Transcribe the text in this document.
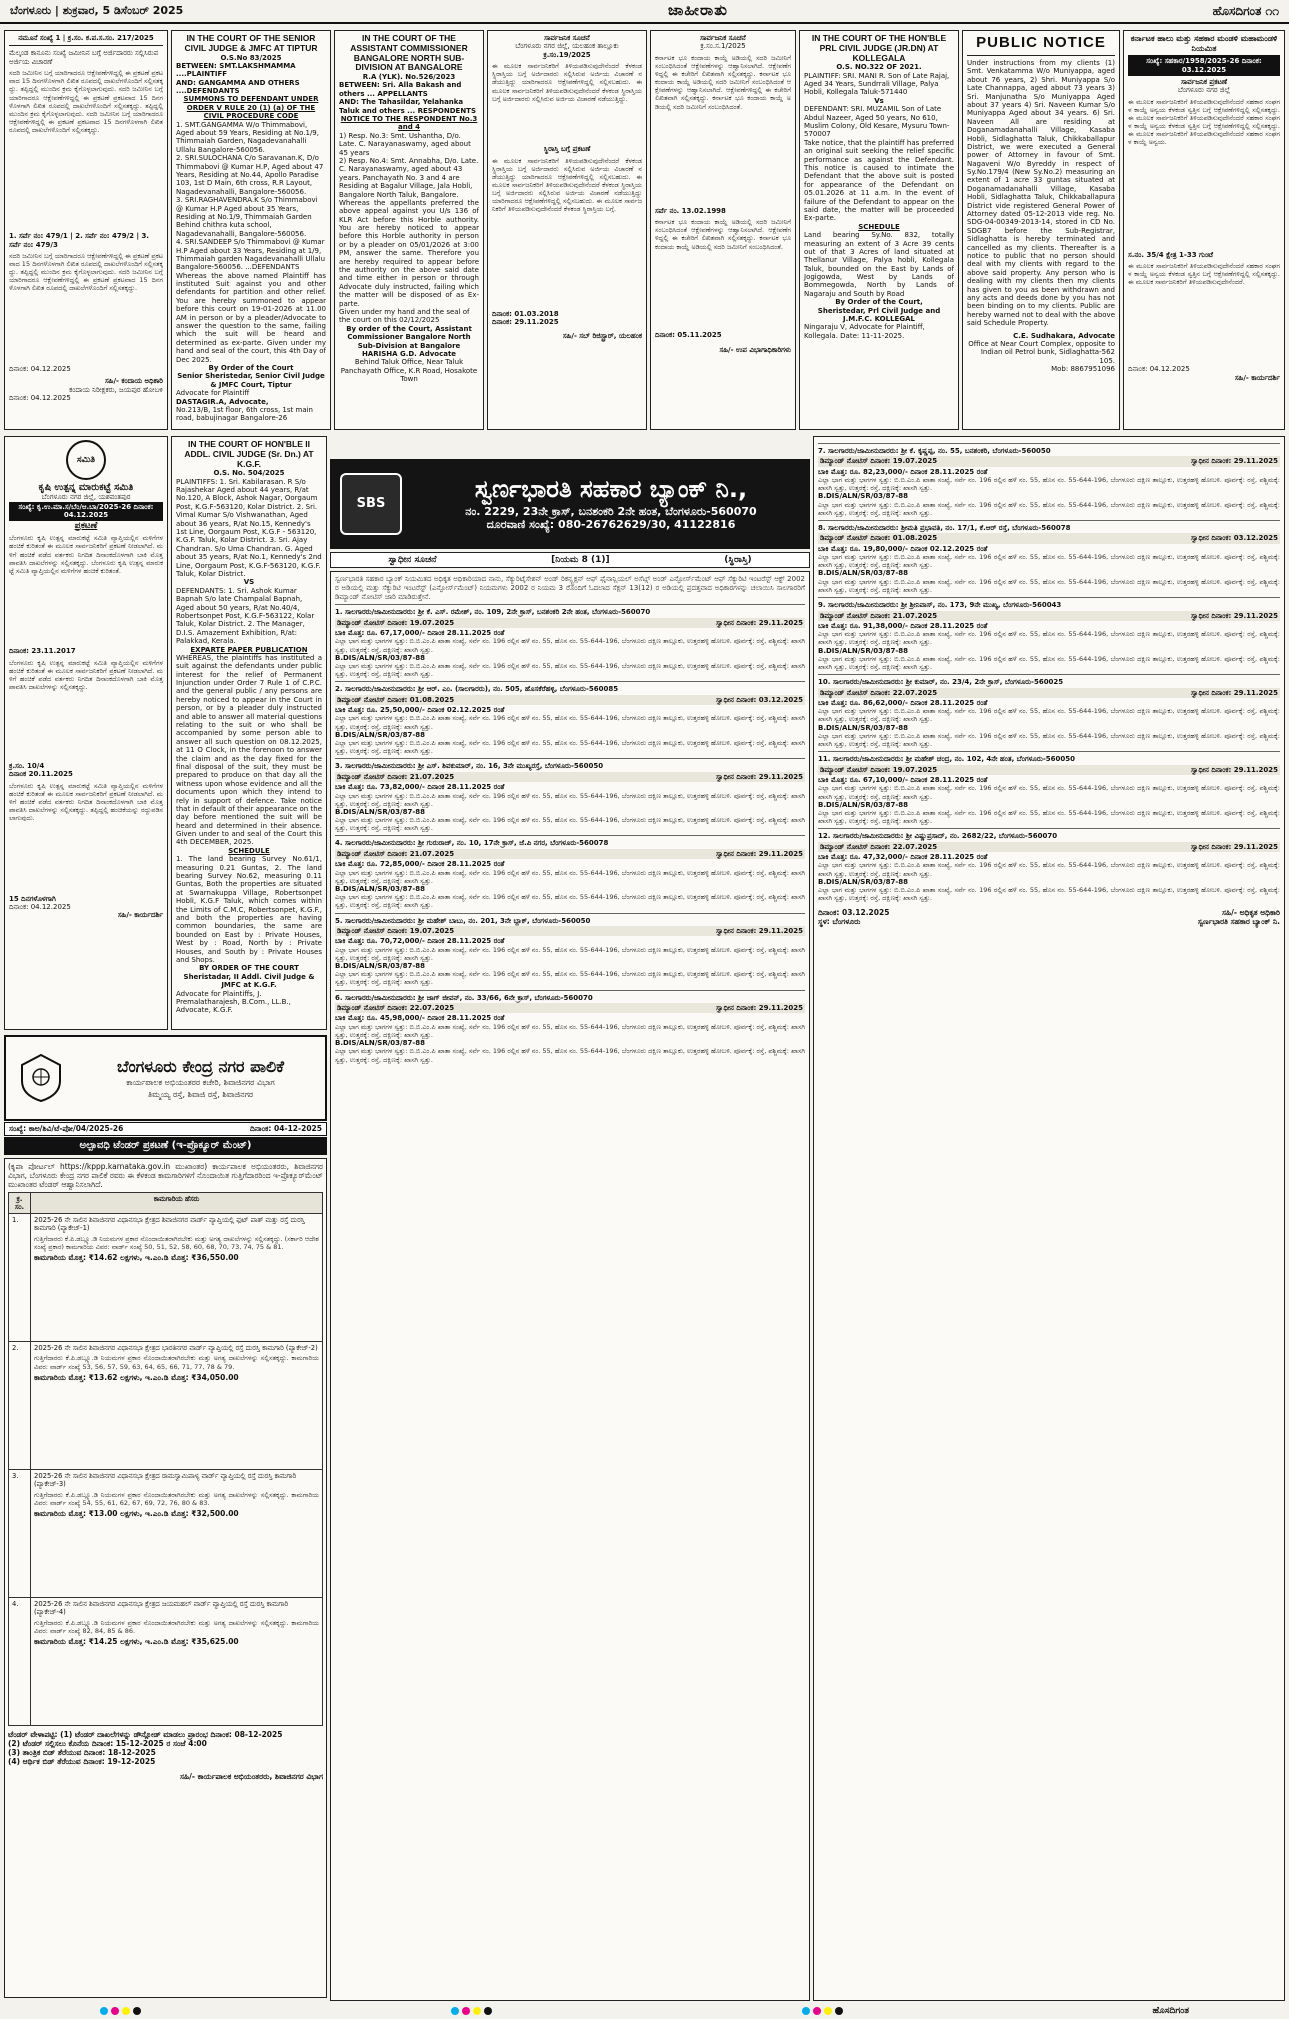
ಬೆಂಗಳೂರು | ಶುಕ್ರವಾರ, 5 ಡಿಸೆಂಬರ್ 2025	ಜಾಹೀರಾತು	ಹೊಸದಿಗಂತ ೧೧
ನಮೂನೆ ಸಂಖ್ಯೆ 1 | ಕ್ರ.ಸಂ. ಕ.ಪ.ಸ.ಸಂ. 217/2025
ಮೆಲ್ಕಂಡ ಕಾನೂನು ಸಂಖ್ಯೆ ಜಮೀನಿನ ಬಗ್ಗೆ ಅರ್ಜಿದಾರರು ಸಲ್ಲಿಸಿರುವ ಅರ್ಜಿಯ ವಿಚಾರಣೆ
ಸದರಿ ಜಮೀನಿನ ಬಗ್ಗೆ ಯಾರಿಗಾದರೂ ಆಕ್ಷೇಪಣೆಗಳಿದ್ದಲ್ಲಿ ಈ ಪ್ರಕಟಣೆ ಪ್ರಕಟವಾದ 15 ದಿನಗಳೊಳಗಾಗಿ ಲಿಖಿತ ರೂಪದಲ್ಲಿ ದಾಖಲೆಗಳೊಂದಿಗೆ ಸಲ್ಲಿಸತಕ್ಕದ್ದು. ತಪ್ಪಿದ್ದಲ್ಲಿ ಮುಂದಿನ ಕ್ರಮ ಕೈಗೊಳ್ಳಲಾಗುವುದು. ಸದರಿ ಜಮೀನಿನ ಬಗ್ಗೆ ಯಾರಿಗಾದರೂ ಆಕ್ಷೇಪಣೆಗಳಿದ್ದಲ್ಲಿ ಈ ಪ್ರಕಟಣೆ ಪ್ರಕಟವಾದ 15 ದಿನಗಳೊಳಗಾಗಿ ಲಿಖಿತ ರೂಪದಲ್ಲಿ ದಾಖಲೆಗಳೊಂದಿಗೆ ಸಲ್ಲಿಸತಕ್ಕದ್ದು. ತಪ್ಪಿದ್ದಲ್ಲಿ ಮುಂದಿನ ಕ್ರಮ ಕೈಗೊಳ್ಳಲಾಗುವುದು. ಸದರಿ ಜಮೀನಿನ ಬಗ್ಗೆ ಯಾರಿಗಾದರೂ ಆಕ್ಷೇಪಣೆಗಳಿದ್ದಲ್ಲಿ ಈ ಪ್ರಕಟಣೆ ಪ್ರಕಟವಾದ 15 ದಿನಗಳೊಳಗಾಗಿ ಲಿಖಿತ ರೂಪದಲ್ಲಿ ದಾಖಲೆಗಳೊಂದಿಗೆ ಸಲ್ಲಿಸತಕ್ಕದ್ದು.
1. ಸರ್ವೆ ನಂ: 479/1 | 2. ಸರ್ವೆ ನಂ: 479/2 | 3. ಸರ್ವೆ ನಂ: 479/3
ಸದರಿ ಜಮೀನಿನ ಬಗ್ಗೆ ಯಾರಿಗಾದರೂ ಆಕ್ಷೇಪಣೆಗಳಿದ್ದಲ್ಲಿ ಈ ಪ್ರಕಟಣೆ ಪ್ರಕಟವಾದ 15 ದಿನಗಳೊಳಗಾಗಿ ಲಿಖಿತ ರೂಪದಲ್ಲಿ ದಾಖಲೆಗಳೊಂದಿಗೆ ಸಲ್ಲಿಸತಕ್ಕದ್ದು. ತಪ್ಪಿದ್ದಲ್ಲಿ ಮುಂದಿನ ಕ್ರಮ ಕೈಗೊಳ್ಳಲಾಗುವುದು. ಸದರಿ ಜಮೀನಿನ ಬಗ್ಗೆ ಯಾರಿಗಾದರೂ ಆಕ್ಷೇಪಣೆಗಳಿದ್ದಲ್ಲಿ ಈ ಪ್ರಕಟಣೆ ಪ್ರಕಟವಾದ 15 ದಿನಗಳೊಳಗಾಗಿ ಲಿಖಿತ ರೂಪದಲ್ಲಿ ದಾಖಲೆಗಳೊಂದಿಗೆ ಸಲ್ಲಿಸತಕ್ಕದ್ದು.
ದಿನಾಂಕ: 04.12.2025
ಸಹಿ/- ಕಂದಾಯ ಅಧಿಕಾರಿ
ಕಂದಾಯ ನಿರೀಕ್ಷಕರು, ಜಯಪುರ ಹೋಬಳಿ
ದಿನಾಂಕ: 04.12.2025
IN THE COURT OF THE SENIOR CIVIL JUDGE & JMFC AT TIPTUR
O.S.No 83/2025
BETWEEN: SMT.LAKSHMAMMA ....PLAINTIFF
AND: GANGAMMA AND OTHERS ....DEFENDANTS
SUMMONS TO DEFENDANT UNDER ORDER V RULE 20 (1) (a) OF THE CIVIL PROCEDURE CODE
1. SMT.GANGAMMA W/o Thimmabovi, Aged about 59 Years, Residing at No.1/9, Thimmaiah Garden, Nagadevanahalli Ullalu Bangalore-560056.
2. SRI.SULOCHANA C/o Saravanan.K, D/o Thimmabovi @ Kumar H.P, Aged about 47 Years, Residing at No.44, Apollo Paradise 103, 1st D Main, 6th cross, R.R Layout, Nagadevanahalli, Bangalore-560056.
3. SRI.RAGHAVENDRA.K S/o Thimmabovi @ Kumar H.P Aged about 35 Years, Residing at No.1/9, Thimmaiah Garden Behind chithra kuta school, Nagadevanahalli, Bangalore-560056.
4. SRI.SANDEEP S/o Thimmabovi @ Kumar H.P Aged about 33 Years, Residing at 1/9, Thimmaiah garden Nagadevanahalli Ullalu Bangalore-560056. ...DEFENDANTS
Whereas the above named Plaintiff has instituted Suit against you and other defendants for partition and other relief. You are hereby summoned to appear before this court on 19-01-2026 at 11.00 AM in person or by a pleader/Advocate to answer the question to the same, failing which the suit will be heard and determined as ex-parte. Given under my hand and seal of the court, this 4th Day of Dec 2025.
By Order of the Court
Senior Sheristedar, Senior Civil Judge & JMFC Court, Tiptur
Advocate for Plaintiff
DASTAGIR.A, Advocate,
No.213/B, 1st floor, 6th cross, 1st main road, babujinagar Bangalore-26
IN THE COURT OF THE ASSISTANT COMMISSIONER BANGALORE NORTH SUB-DIVISION AT BANGALORE
R.A (YLK). No.526/2023
BETWEEN: Sri. Alla Bakash and others ... APPELLANTS
AND: The Tahasildar, Yelahanka Taluk and others ... RESPONDENTS
NOTICE TO THE RESPONDENT No.3 and 4
1) Resp. No.3: Smt. Ushantha, D/o. Late. C. Narayanaswamy, aged about 45 years
2) Resp. No.4: Smt. Annabha, D/o. Late. C. Narayanaswamy, aged about 43 years. Panchayath No. 3 and 4 are Residing at Bagalur Village, Jala Hobli, Bangalore North Taluk, Bangalore.
Whereas the appellants preferred the above appeal against you U/s 136 of KLR Act before this Horble authority. You are hereby noticed to appear before this Horble authority in person or by a pleader on 05/01/2026 at 3:00 PM, answer the same. Therefore you are hereby required to appear before the authority on the above said date and time either in person or through Advocate duly instructed, failing which the matter will be disposed of as Ex-parte.
Given under my hand and the seal of the court on this 02/12/2025
By order of the Court, Assistant Commissioner Bangalore North Sub-Division at Bangalore
HARISHA G.D. Advocate
Behind Taluk Office, Near Taluk Panchayath Office, K.R Road, Hosakote Town
ಸಾರ್ವಜನಿಕ ಸೂಚನೆ
ಬೆಂಗಳೂರು ನಗರ ಜಿಲ್ಲೆ, ಯಲಹಂಕ ತಾಲ್ಲೂಕು
ಕ್ರ.ಸಂ.19/2025
ಈ ಮೂಲಕ ಸಾರ್ವಜನಿಕರಿಗೆ ತಿಳಿಯಪಡಿಸುವುದೇನೆಂದರೆ ಕೆಳಕಂಡ ಸ್ಥಿರಾಸ್ತಿಯ ಬಗ್ಗೆ ಅರ್ಜಿದಾರರು ಸಲ್ಲಿಸಿರುವ ಅರ್ಜಿಯ ವಿಚಾರಣೆ ನಡೆಯುತ್ತಿದ್ದು ಯಾರಿಗಾದರೂ ಆಕ್ಷೇಪಣೆಗಳಿದ್ದಲ್ಲಿ ಸಲ್ಲಿಸಬಹುದು. ಈ ಮೂಲಕ ಸಾರ್ವಜನಿಕರಿಗೆ ತಿಳಿಯಪಡಿಸುವುದೇನೆಂದರೆ ಕೆಳಕಂಡ ಸ್ಥಿರಾಸ್ತಿಯ ಬಗ್ಗೆ ಅರ್ಜಿದಾರರು ಸಲ್ಲಿಸಿರುವ ಅರ್ಜಿಯ ವಿಚಾರಣೆ ನಡೆಯುತ್ತಿದ್ದು.
ಸ್ಥಿರಾಸ್ತಿ ಬಗ್ಗೆ ಪ್ರಕಟಣೆ
ಈ ಮೂಲಕ ಸಾರ್ವಜನಿಕರಿಗೆ ತಿಳಿಯಪಡಿಸುವುದೇನೆಂದರೆ ಕೆಳಕಂಡ ಸ್ಥಿರಾಸ್ತಿಯ ಬಗ್ಗೆ ಅರ್ಜಿದಾರರು ಸಲ್ಲಿಸಿರುವ ಅರ್ಜಿಯ ವಿಚಾರಣೆ ನಡೆಯುತ್ತಿದ್ದು ಯಾರಿಗಾದರೂ ಆಕ್ಷೇಪಣೆಗಳಿದ್ದಲ್ಲಿ ಸಲ್ಲಿಸಬಹುದು. ಈ ಮೂಲಕ ಸಾರ್ವಜನಿಕರಿಗೆ ತಿಳಿಯಪಡಿಸುವುದೇನೆಂದರೆ ಕೆಳಕಂಡ ಸ್ಥಿರಾಸ್ತಿಯ ಬಗ್ಗೆ ಅರ್ಜಿದಾರರು ಸಲ್ಲಿಸಿರುವ ಅರ್ಜಿಯ ವಿಚಾರಣೆ ನಡೆಯುತ್ತಿದ್ದು ಯಾರಿಗಾದರೂ ಆಕ್ಷೇಪಣೆಗಳಿದ್ದಲ್ಲಿ ಸಲ್ಲಿಸಬಹುದು. ಈ ಮೂಲಕ ಸಾರ್ವಜನಿಕರಿಗೆ ತಿಳಿಯಪಡಿಸುವುದೇನೆಂದರೆ ಕೆಳಕಂಡ ಸ್ಥಿರಾಸ್ತಿಯ ಬಗ್ಗೆ.
ದಿನಾಂಕ: 01.03.2018
ದಿನಾಂಕ: 29.11.2025
ಸಹಿ/- ಸಬ್ ರಿಜಿಸ್ಟ್ರಾರ್, ಯಲಹಂಕ
ಸಾರ್ವಜನಿಕ ಸೂಚನೆ
ಕ್ರ.ಸಂ.ಸ.1/2025
ಕರ್ನಾಟಕ ಭೂ ಕಂದಾಯ ಕಾಯ್ದೆ ಅಡಿಯಲ್ಲಿ ಸದರಿ ಜಮೀನಿಗೆ ಸಂಬಂಧಿಸಿದಂತೆ ಆಕ್ಷೇಪಣೆಗಳನ್ನು ಆಹ್ವಾನಿಸಲಾಗಿದೆ. ಆಕ್ಷೇಪಣೆಗಳಿದ್ದಲ್ಲಿ ಈ ಕಚೇರಿಗೆ ಲಿಖಿತವಾಗಿ ಸಲ್ಲಿಸತಕ್ಕದ್ದು. ಕರ್ನಾಟಕ ಭೂ ಕಂದಾಯ ಕಾಯ್ದೆ ಅಡಿಯಲ್ಲಿ ಸದರಿ ಜಮೀನಿಗೆ ಸಂಬಂಧಿಸಿದಂತೆ ಆಕ್ಷೇಪಣೆಗಳನ್ನು ಆಹ್ವಾನಿಸಲಾಗಿದೆ. ಆಕ್ಷೇಪಣೆಗಳಿದ್ದಲ್ಲಿ ಈ ಕಚೇರಿಗೆ ಲಿಖಿತವಾಗಿ ಸಲ್ಲಿಸತಕ್ಕದ್ದು. ಕರ್ನಾಟಕ ಭೂ ಕಂದಾಯ ಕಾಯ್ದೆ ಅಡಿಯಲ್ಲಿ ಸದರಿ ಜಮೀನಿಗೆ ಸಂಬಂಧಿಸಿದಂತೆ.
ಸರ್ವೆ ನಂ. 13.02.1998
ಕರ್ನಾಟಕ ಭೂ ಕಂದಾಯ ಕಾಯ್ದೆ ಅಡಿಯಲ್ಲಿ ಸದರಿ ಜಮೀನಿಗೆ ಸಂಬಂಧಿಸಿದಂತೆ ಆಕ್ಷೇಪಣೆಗಳನ್ನು ಆಹ್ವಾನಿಸಲಾಗಿದೆ. ಆಕ್ಷೇಪಣೆಗಳಿದ್ದಲ್ಲಿ ಈ ಕಚೇರಿಗೆ ಲಿಖಿತವಾಗಿ ಸಲ್ಲಿಸತಕ್ಕದ್ದು. ಕರ್ನಾಟಕ ಭೂ ಕಂದಾಯ ಕಾಯ್ದೆ ಅಡಿಯಲ್ಲಿ ಸದರಿ ಜಮೀನಿಗೆ ಸಂಬಂಧಿಸಿದಂತೆ.
ದಿನಾಂಕ: 05.11.2025
ಸಹಿ/- ಉಪ ವಿಭಾಗಾಧಿಕಾರಿಗಳು
IN THE COURT OF THE HON'BLE PRL CIVIL JUDGE (JR.DN) AT KOLLEGALA
O.S. NO.322 OF 2021.
PLAINTIFF: SRI. MANI R. Son of Late Rajaj, Aged 34 Years, Sundrrali Village, Palya Hobli, Kollegala Taluk-571440
Vs
DEFENDANT: SRI. MUZAMIL Son of Late Abdul Nazeer, Aged 50 years, No 610, Muslim Colony, Old Kesare, Mysuru Town-570007
Take notice, that the plaintiff has preferred an original suit seeking the relief specific performance as against the Defendant. This notice is caused to intimate the Defendant that the above suit is posted for appearance of the Defendant on 05.01.2026 at 11 a.m. In the event of failure of the Defendant to appear on the said date, the matter will be proceeded Ex-parte.
SCHEDULE
Land bearing Sy.No. 832, totally measuring an extent of 3 Acre 39 cents out of that 3 Acres of land situated at Thellanur Village, Palya hobli, Kollegala Taluk, bounded on the East by Lands of Jogigowda, West by Lands of Bommegowda, North by Lands of Nagaraju and South by Road
By Order of the Court,
Sheristedar, Prl Civil Judge and J.M.F.C. KOLLEGAL
Ningaraju V, Advocate for Plaintiff, Kollegala. Date: 11-11-2025.
PUBLIC NOTICE
Under instructions from my clients (1) Smt. Venkatamma W/o Muniyappa, aged about 76 years, 2) Shri. Muniyappa S/o Late Channappa, aged about 73 years 3) Sri. Manjunatha S/o Muniyappa Aged about 37 years 4) Sri. Naveen Kumar S/o Muniyappa Aged about 34 years. 6) Sri. Naveen All are residing at Doganamadanahalli Village, Kasaba Hobli, Sidlaghatta Taluk, Chikkaballapur District, we were executed a General power of Attorney in favour of Smt. Nagaveni W/o Byreddy in respect of Sy.No.179/4 (New Sy.No.2) measuring an extent of 1 acre 33 guntas situated at Doganamadanahalli Village, Kasaba Hobli, Sidlaghatta Taluk, Chikkaballapura District vide registered General Power of Attorney dated 05-12-2013 vide reg. No. SDG-04-00349-2013-14, stored in CD No. SDGB7 before the Sub-Registrar, Sidlaghatta is hereby terminated and cancelled as my clients. Thereafter is a notice to public that no person should deal with my clients with regard to the above said property. Any person who is dealing with my clients then my clients has given to you as been withdrawn and any acts and deeds done by you has not been binding on to my clients. Public are hereby warned not to deal with the above said Schedule Property.
C.E. Sudhakara, Advocate
Office at Near Court Complex, opposite to Indian oil Petrol bunk, Sidlaghatta-562 105.
Mob: 8867951096
ಕರ್ನಾಟಕ ಹಾಲು ಮತ್ತು ಸಹಕಾರ ಮಂಡಳಿ ಮಹಾಮಂಡಳಿ ನಿಯಮಿತ
ಸಂಖ್ಯೆ: ಸಹಕಾರ/1958/2025-26 ದಿನಾಂಕ: 03.12.2025
ಸಾರ್ವಜನಿಕ ಪ್ರಕಟಣೆ
ಬೆಂಗಳೂರು ನಗರ ಜಿಲ್ಲೆ
ಈ ಮೂಲಕ ಸಾರ್ವಜನಿಕರಿಗೆ ತಿಳಿಯಪಡಿಸುವುದೇನೆಂದರೆ ಸಹಕಾರ ಸಂಘಗಳ ಕಾಯ್ದೆ ಅನ್ವಯ ಕೆಳಕಂಡ ಸ್ವತ್ತಿನ ಬಗ್ಗೆ ಆಕ್ಷೇಪಣೆಗಳಿದ್ದಲ್ಲಿ ಸಲ್ಲಿಸತಕ್ಕದ್ದು. ಈ ಮೂಲಕ ಸಾರ್ವಜನಿಕರಿಗೆ ತಿಳಿಯಪಡಿಸುವುದೇನೆಂದರೆ ಸಹಕಾರ ಸಂಘಗಳ ಕಾಯ್ದೆ ಅನ್ವಯ ಕೆಳಕಂಡ ಸ್ವತ್ತಿನ ಬಗ್ಗೆ ಆಕ್ಷೇಪಣೆಗಳಿದ್ದಲ್ಲಿ ಸಲ್ಲಿಸತಕ್ಕದ್ದು. ಈ ಮೂಲಕ ಸಾರ್ವಜನಿಕರಿಗೆ ತಿಳಿಯಪಡಿಸುವುದೇನೆಂದರೆ ಸಹಕಾರ ಸಂಘಗಳ ಕಾಯ್ದೆ ಅನ್ವಯ.
ಸ.ನಂ. 35/4 ಕ್ಷೇತ್ರ 1-33 ಗುಂಟೆ
ಈ ಮೂಲಕ ಸಾರ್ವಜನಿಕರಿಗೆ ತಿಳಿಯಪಡಿಸುವುದೇನೆಂದರೆ ಸಹಕಾರ ಸಂಘಗಳ ಕಾಯ್ದೆ ಅನ್ವಯ ಕೆಳಕಂಡ ಸ್ವತ್ತಿನ ಬಗ್ಗೆ ಆಕ್ಷೇಪಣೆಗಳಿದ್ದಲ್ಲಿ ಸಲ್ಲಿಸತಕ್ಕದ್ದು. ಈ ಮೂಲಕ ಸಾರ್ವಜನಿಕರಿಗೆ ತಿಳಿಯಪಡಿಸುವುದೇನೆಂದರೆ.
ದಿನಾಂಕ: 04.12.2025
ಸಹಿ/- ಕಾರ್ಯದರ್ಶಿ
ಸಮಿತಿ
ಕೃಷಿ ಉತ್ಪನ್ನ ಮಾರುಕಟ್ಟೆ ಸಮಿತಿ
ಬೆಂಗಳೂರು ನಗರ ಜಿಲ್ಲೆ, ಯಶವಂತಪುರ
ಸಂಖ್ಯೆ: ಕೃ.ಉ.ಮಾ.ಸ/ಬೆಂ/ಆ.ಬಾ/2025-26 ದಿನಾಂಕ: 04.12.2025
ಪ್ರಕಟಣೆ
ಬೆಂಗಳೂರು ಕೃಷಿ ಉತ್ಪನ್ನ ಮಾರುಕಟ್ಟೆ ಸಮಿತಿ ವ್ಯಾಪ್ತಿಯಲ್ಲಿನ ಮಳಿಗೆಗಳ ಹಂಚಿಕೆ ಕುರಿತಂತೆ ಈ ಮೂಲಕ ಸಾರ್ವಜನಿಕರಿಗೆ ಪ್ರಕಟಣೆ ನೀಡಲಾಗಿದೆ. ಮಳಿಗೆ ಹಂಚಿಕೆ ಪಡೆದ ವರ್ತಕರು ನಿಗದಿತ ದಿನಾಂಕದೊಳಗಾಗಿ ಬಾಕಿ ಮೊತ್ತ ಪಾವತಿಸಿ ದಾಖಲೆಗಳನ್ನು ಸಲ್ಲಿಸತಕ್ಕದ್ದು. ಬೆಂಗಳೂರು ಕೃಷಿ ಉತ್ಪನ್ನ ಮಾರುಕಟ್ಟೆ ಸಮಿತಿ ವ್ಯಾಪ್ತಿಯಲ್ಲಿನ ಮಳಿಗೆಗಳ ಹಂಚಿಕೆ ಕುರಿತಂತೆ.
ದಿನಾಂಕ: 23.11.2017
ಬೆಂಗಳೂರು ಕೃಷಿ ಉತ್ಪನ್ನ ಮಾರುಕಟ್ಟೆ ಸಮಿತಿ ವ್ಯಾಪ್ತಿಯಲ್ಲಿನ ಮಳಿಗೆಗಳ ಹಂಚಿಕೆ ಕುರಿತಂತೆ ಈ ಮೂಲಕ ಸಾರ್ವಜನಿಕರಿಗೆ ಪ್ರಕಟಣೆ ನೀಡಲಾಗಿದೆ. ಮಳಿಗೆ ಹಂಚಿಕೆ ಪಡೆದ ವರ್ತಕರು ನಿಗದಿತ ದಿನಾಂಕದೊಳಗಾಗಿ ಬಾಕಿ ಮೊತ್ತ ಪಾವತಿಸಿ ದಾಖಲೆಗಳನ್ನು ಸಲ್ಲಿಸತಕ್ಕದ್ದು.
ಕ್ರ.ಸಂ. 10/4
ದಿನಾಂಕ 20.11.2025
ಬೆಂಗಳೂರು ಕೃಷಿ ಉತ್ಪನ್ನ ಮಾರುಕಟ್ಟೆ ಸಮಿತಿ ವ್ಯಾಪ್ತಿಯಲ್ಲಿನ ಮಳಿಗೆಗಳ ಹಂಚಿಕೆ ಕುರಿತಂತೆ ಈ ಮೂಲಕ ಸಾರ್ವಜನಿಕರಿಗೆ ಪ್ರಕಟಣೆ ನೀಡಲಾಗಿದೆ. ಮಳಿಗೆ ಹಂಚಿಕೆ ಪಡೆದ ವರ್ತಕರು ನಿಗದಿತ ದಿನಾಂಕದೊಳಗಾಗಿ ಬಾಕಿ ಮೊತ್ತ ಪಾವತಿಸಿ ದಾಖಲೆಗಳನ್ನು ಸಲ್ಲಿಸತಕ್ಕದ್ದು. ತಪ್ಪಿದ್ದಲ್ಲಿ ಹಂಚಿಕೆಯನ್ನು ರದ್ದುಪಡಿಸಲಾಗುವುದು.
15 ದಿನಗಳೊಳಗಾಗಿ
ದಿನಾಂಕ: 04.12.2025
ಸಹಿ/- ಕಾರ್ಯದರ್ಶಿ
IN THE COURT OF HON'BLE II ADDL. CIVIL JUDGE (Sr. Dn.) AT K.G.F.
O.S. No. 504/2025
PLAINTIFFS: 1. Sri. Kabilarasan. R S/o Rajashekar Aged about 44 years, R/at No.120, A Block, Ashok Nagar, Oorgaum Post, K.G.F-563120, Kolar District. 2. Sri. Vimal Kumar S/o Vishwanathan, Aged about 36 years, R/at No.15, Kennedy's 1st Line, Oorgaum Post, K.G.F - 563120, K.G.F. Taluk, Kolar District. 3. Sri. Ajay Chandran. S/o Uma Chandran. G. Aged about 35 years, R/at No.1, Kennedy's 2nd Line, Oorgaum Post, K.G.F-563120, K.G.F. Taluk, Kolar District.
VS
DEFENDANTS: 1. Sri. Ashok Kumar Bapnah S/o late Champalal Bapnah, Aged about 50 years, R/at No.40/4, Robertsonpet Post, K.G.F-563122, Kolar Taluk, Kolar District. 2. The Manager, D.I.S. Amazement Exhibition, R/at: Palakkad, Kerala.
EXPARTE PAPER PUBLICATION
WHEREAS, the plaintiffs has instituted a suit against the defendants under public interest for the relief of Permanent Injunction under Order 7 Rule 1 of C.P.C. and the general public / any persons are hereby noticed to appear in the Court in person, or by a pleader duly instructed and able to answer all material questions relating to the suit or who shall be accompanied by some person able to answer all such question on 08.12.2025, at 11 O Clock, in the forenoon to answer the claim and as the day fixed for the final disposal of the suit, they must be prepared to produce on that day all the witness upon whose evidence and all the documents upon which they intend to rely in support of defence. Take notice that in default of their appearance on the day before mentioned the suit will be heard and determined in their absence. Given under to and seal of the Court this 4th DECEMBER, 2025.
SCHEDULE
1. The land bearing Survey No.61/1, measuring 0.21 Guntas, 2. The land bearing Survey No.62, measuring 0.11 Guntas, Both the properties are situated at Swarnakuppa Village, Robertsonpet Hobli, K.G.F Taluk, which comes within the Limits of C.M.C, Robertsonpet, K.G.F., and both the properties are having common boundaries, the same are bounded on East by : Private Houses, West by : Road, North by : Private Houses, and South by : Private Houses and Shops.
BY ORDER OF THE COURT
Sheristadar, II Addl. Civil Judge & JMFC at K.G.F.
Advocate for Plaintiffs, J. Premalatharajesh, B.Com., LL.B., Advocate, K.G.F.
ಬೆಂಗಳೂರು ಕೇಂದ್ರ ನಗರ ಪಾಲಿಕೆ
ಕಾರ್ಯಪಾಲಕ ಅಭಿಯಂತರರ ಕಚೇರಿ, ಶಿವಾಜಿನಗರ ವಿಭಾಗ
ತಿಮ್ಮಯ್ಯ ರಸ್ತೆ, ಶಿವಾಜಿ ರಸ್ತೆ, ಶಿವಾಜಿನಗರ
ಸಂಖ್ಯೆ: ಕಾಅ/ಶಿವಿ/ಟೆ-ಪೋ/04/2025-26	ದಿನಾಂಕ: 04-12-2025
ಅಲ್ಪಾವಧಿ ಟೆಂಡರ್ ಪ್ರಕಟಣೆ (ಇ-ಪ್ರೊಕ್ಯೂರ್ ಮೆಂಟ್)
(ಕೃಪಾ ಪೋರ್ಟಲ್ https://kppp.karnataka.gov.in ಮುಖಾಂತರ) ಕಾರ್ಯಪಾಲಕ ಅಭಿಯಂತರರು, ಶಿವಾಜಿನಗರ ವಿಭಾಗ, ಬೆಂಗಳೂರು ಕೇಂದ್ರ ನಗರ ಪಾಲಿಕೆ ರವರು ಈ ಕೆಳಕಂಡ ಕಾಮಗಾರಿಗಳಿಗೆ ನೊಂದಾಯಿತ ಗುತ್ತಿಗೆದಾರರಿಂದ ಇ-ಪ್ರೊಕ್ಯೂರ್‌ಮೆಂಟ್ ಮುಖಾಂತರ ಟೆಂಡರ್ ಆಹ್ವಾನಿಸಲಾಗಿದೆ.
ಕ್ರ. ಸಂ.	ಕಾಮಗಾರಿಯ ಹೆಸರು
1.	2025-26 ನೇ ಸಾಲಿನ ಶಿವಾಜಿನಗರ ವಿಧಾನಸಭಾ ಕ್ಷೇತ್ರದ ಶಿವಾಜಿನಗರ ವಾರ್ಡ್ ವ್ಯಾಪ್ತಿಯಲ್ಲಿ ಫುಟ್ ಪಾತ್ ಮತ್ತು ರಸ್ತೆ ದುರಸ್ತಿ ಕಾಮಗಾರಿ (ಪ್ಯಾಕೇಜ್-1)
ಗುತ್ತಿಗೆದಾರರು ಕೆ.ಪಿ.ಡಬ್ಲ್ಯೂ.ಡಿ ನಿಯಮಗಳ ಪ್ರಕಾರ ನೊಂದಾಯಿತರಾಗಿರಬೇಕು ಮತ್ತು ಅಗತ್ಯ ದಾಖಲೆಗಳನ್ನು ಸಲ್ಲಿಸತಕ್ಕದ್ದು. (ಸರ್ಕಾರಿ ಆದೇಶ ಸಂಖ್ಯೆ ಪ್ರಕಾರ) ಕಾಮಗಾರಿಯ ವಿವರ: ವಾರ್ಡ್ ಸಂಖ್ಯೆ 50, 51, 52, 58, 60, 68, 70, 73, 74, 75 & 81.
ಕಾಮಗಾರಿಯ ಮೊತ್ತ: ₹14.62 ಲಕ್ಷಗಳು, ಇ.ಎಂ.ಡಿ ಮೊತ್ತ: ₹36,550.00

2.	2025-26 ನೇ ಸಾಲಿನ ಶಿವಾಜಿನಗರ ವಿಧಾನಸಭಾ ಕ್ಷೇತ್ರದ ಭಾರತಿನಗರ ವಾರ್ಡ್ ವ್ಯಾಪ್ತಿಯಲ್ಲಿ ರಸ್ತೆ ದುರಸ್ತಿ ಕಾಮಗಾರಿ (ಪ್ಯಾಕೇಜ್-2)
ಗುತ್ತಿಗೆದಾರರು ಕೆ.ಪಿ.ಡಬ್ಲ್ಯೂ.ಡಿ ನಿಯಮಗಳ ಪ್ರಕಾರ ನೊಂದಾಯಿತರಾಗಿರಬೇಕು ಮತ್ತು ಅಗತ್ಯ ದಾಖಲೆಗಳನ್ನು ಸಲ್ಲಿಸತಕ್ಕದ್ದು. ಕಾಮಗಾರಿಯ ವಿವರ: ವಾರ್ಡ್ ಸಂಖ್ಯೆ 53, 56, 57, 59, 63, 64, 65, 66, 71, 77, 78 & 79.
ಕಾಮಗಾರಿಯ ಮೊತ್ತ: ₹13.62 ಲಕ್ಷಗಳು, ಇ.ಎಂ.ಡಿ ಮೊತ್ತ: ₹34,050.00

3.	2025-26 ನೇ ಸಾಲಿನ ಶಿವಾಜಿನಗರ ವಿಧಾನಸಭಾ ಕ್ಷೇತ್ರದ ರಾಮಸ್ವಾಮಿಪಾಳ್ಯ ವಾರ್ಡ್ ವ್ಯಾಪ್ತಿಯಲ್ಲಿ ರಸ್ತೆ ದುರಸ್ತಿ ಕಾಮಗಾರಿ (ಪ್ಯಾಕೇಜ್-3)
ಗುತ್ತಿಗೆದಾರರು ಕೆ.ಪಿ.ಡಬ್ಲ್ಯೂ.ಡಿ ನಿಯಮಗಳ ಪ್ರಕಾರ ನೊಂದಾಯಿತರಾಗಿರಬೇಕು ಮತ್ತು ಅಗತ್ಯ ದಾಖಲೆಗಳನ್ನು ಸಲ್ಲಿಸತಕ್ಕದ್ದು. ಕಾಮಗಾರಿಯ ವಿವರ: ವಾರ್ಡ್ ಸಂಖ್ಯೆ 54, 55, 61, 62, 67, 69, 72, 76, 80 & 83.
ಕಾಮಗಾರಿಯ ಮೊತ್ತ: ₹13.00 ಲಕ್ಷಗಳು, ಇ.ಎಂ.ಡಿ ಮೊತ್ತ: ₹32,500.00

4.	2025-26 ನೇ ಸಾಲಿನ ಶಿವಾಜಿನಗರ ವಿಧಾನಸಭಾ ಕ್ಷೇತ್ರದ ಜಯಮಹಲ್ ವಾರ್ಡ್ ವ್ಯಾಪ್ತಿಯಲ್ಲಿ ರಸ್ತೆ ದುರಸ್ತಿ ಕಾಮಗಾರಿ (ಪ್ಯಾಕೇಜ್-4)
ಗುತ್ತಿಗೆದಾರರು ಕೆ.ಪಿ.ಡಬ್ಲ್ಯೂ.ಡಿ ನಿಯಮಗಳ ಪ್ರಕಾರ ನೊಂದಾಯಿತರಾಗಿರಬೇಕು ಮತ್ತು ಅಗತ್ಯ ದಾಖಲೆಗಳನ್ನು ಸಲ್ಲಿಸತಕ್ಕದ್ದು. ಕಾಮಗಾರಿಯ ವಿವರ: ವಾರ್ಡ್ ಸಂಖ್ಯೆ 82, 84, 85 & 86.
ಕಾಮಗಾರಿಯ ಮೊತ್ತ: ₹14.25 ಲಕ್ಷಗಳು, ಇ.ಎಂ.ಡಿ ಮೊತ್ತ: ₹35,625.00
ಟೆಂಡರ್ ವೇಳಾಪಟ್ಟಿ: (1) ಟೆಂಡರ್ ದಾಖಲೆಗಳನ್ನು ಡೌನ್ಲೋಡ್ ಮಾಡಲು ಪ್ರಾರಂಭ ದಿನಾಂಕ: 08-12-2025
(2) ಟೆಂಡರ್ ಸಲ್ಲಿಸಲು ಕೊನೆಯ ದಿನಾಂಕ: 15-12-2025 ರ ಸಂಜೆ 4:00
(3) ತಾಂತ್ರಿಕ ಬಿಡ್ ತೆರೆಯುವ ದಿನಾಂಕ: 18-12-2025
(4) ಆರ್ಥಿಕ ಬಿಡ್ ತೆರೆಯುವ ದಿನಾಂಕ: 19-12-2025
ಸಹಿ/- ಕಾರ್ಯಪಾಲಕ ಅಭಿಯಂತರರು, ಶಿವಾಜಿನಗರ ವಿಭಾಗ
SBS
ಸ್ವರ್ಣಭಾರತಿ ಸಹಕಾರ ಬ್ಯಾಂಕ್ ನಿ.,
ನಂ. 2229, 23ನೇ ಕ್ರಾಸ್, ಬನಶಂಕರಿ 2ನೇ ಹಂತ, ಬೆಂಗಳೂರು-560070
ದೂರವಾಣಿ ಸಂಖ್ಯೆ: 080-26762629/30, 41122816
ಸ್ವಾಧೀನ ಸೂಚನೆ	[ನಿಯಮ 8 (1)]	(ಸ್ಥಿರಾಸ್ತಿ)
ಸ್ವರ್ಣಭಾರತಿ ಸಹಕಾರ ಬ್ಯಾಂಕ್ ನಿಯಮಿತದ ಅಧಿಕೃತ ಅಧಿಕಾರಿಯಾದ ನಾನು, ಸೆಕ್ಯುರಿಟೈಸೇಶನ್ ಅಂಡ್ ರಿಕನ್ಸ್ಟ್ರಕ್ಷನ್ ಆಫ್ ಫೈನಾನ್ಷಿಯಲ್ ಅಸೆಟ್ಸ್ ಅಂಡ್ ಎನ್ಫೋರ್ಸ್‌ಮೆಂಟ್ ಆಫ್ ಸೆಕ್ಯುರಿಟಿ ಇಂಟರೆಸ್ಟ್ ಆಕ್ಟ್ 2002 ರ ಅಡಿಯಲ್ಲಿ ಮತ್ತು ಸೆಕ್ಯುರಿಟಿ ಇಂಟರೆಸ್ಟ್ (ಎನ್ಫೋರ್ಸ್‌ಮೆಂಟ್) ನಿಯಮಗಳು 2002 ರ ನಿಯಮ 3 ರೊಂದಿಗೆ ಓದಲಾದ ಸೆಕ್ಷನ್ 13(12) ರ ಅಡಿಯಲ್ಲಿ ಪ್ರದತ್ತವಾದ ಅಧಿಕಾರಗಳನ್ನು ಚಲಾಯಿಸಿ ಸಾಲಗಾರರಿಗೆ ಡಿಮ್ಯಾಂಡ್ ನೋಟಿಸ್ ಜಾರಿ ಮಾಡಿರುತ್ತೇನೆ.
1. ಸಾಲಗಾರರು/ಜಾಮೀನುದಾರರು: ಶ್ರೀ ಕೆ. ಎಸ್. ರಮೇಶ್, ನಂ. 109, 2ನೇ ಕ್ರಾಸ್, ಬನಶಂಕರಿ 2ನೇ ಹಂತ, ಬೆಂಗಳೂರು-560070
ಡಿಮ್ಯಾಂಡ್ ನೋಟಿಸ್ ದಿನಾಂಕ: 19.07.2025	ಸ್ವಾಧೀನ ದಿನಾಂಕ: 29.11.2025
ಬಾಕಿ ಮೊತ್ತ: ರೂ. 67,17,000/- ದಿನಾಂಕ 28.11.2025 ರಂತೆ
ಎಲ್ಲಾ ಭಾಗ ಮತ್ತು ಭಾಗಗಳ ಸ್ವತ್ತು: ಬಿ.ಬಿ.ಎಂ.ಪಿ ಖಾತಾ ಸಂಖ್ಯೆ, ಸರ್ವೆ ನಂ. 196 ರಲ್ಲಿನ ಹಳೆ ನಂ. 55, ಹೊಸ ನಂ. 55-644-196, ಬೆಂಗಳೂರು ದಕ್ಷಿಣ ತಾಲ್ಲೂಕು, ಉತ್ತರಹಳ್ಳಿ ಹೋಬಳಿ. ಪೂರ್ವಕ್ಕೆ: ರಸ್ತೆ, ಪಶ್ಚಿಮಕ್ಕೆ: ಖಾಸಗಿ ಸ್ವತ್ತು, ಉತ್ತರಕ್ಕೆ: ರಸ್ತೆ, ದಕ್ಷಿಣಕ್ಕೆ: ಖಾಸಗಿ ಸ್ವತ್ತು.
B.DIS/ALN/SR/03/87-88
ಎಲ್ಲಾ ಭಾಗ ಮತ್ತು ಭಾಗಗಳ ಸ್ವತ್ತು: ಬಿ.ಬಿ.ಎಂ.ಪಿ ಖಾತಾ ಸಂಖ್ಯೆ, ಸರ್ವೆ ನಂ. 196 ರಲ್ಲಿನ ಹಳೆ ನಂ. 55, ಹೊಸ ನಂ. 55-644-196, ಬೆಂಗಳೂರು ದಕ್ಷಿಣ ತಾಲ್ಲೂಕು, ಉತ್ತರಹಳ್ಳಿ ಹೋಬಳಿ. ಪೂರ್ವಕ್ಕೆ: ರಸ್ತೆ, ಪಶ್ಚಿಮಕ್ಕೆ: ಖಾಸಗಿ ಸ್ವತ್ತು, ಉತ್ತರಕ್ಕೆ: ರಸ್ತೆ, ದಕ್ಷಿಣಕ್ಕೆ: ಖಾಸಗಿ ಸ್ವತ್ತು.
2. ಸಾಲಗಾರರು/ಜಾಮೀನುದಾರರು: ಶ್ರೀ ಆರ್. ಎಂ. (ಸಾಲಗಾರರು), ನಂ. 505, ಹೊಸಕೆರೆಹಳ್ಳಿ, ಬೆಂಗಳೂರು-560085
ಡಿಮ್ಯಾಂಡ್ ನೋಟಿಸ್ ದಿನಾಂಕ: 01.08.2025	ಸ್ವಾಧೀನ ದಿನಾಂಕ: 03.12.2025
ಬಾಕಿ ಮೊತ್ತ: ರೂ. 25,50,000/- ದಿನಾಂಕ 02.12.2025 ರಂತೆ
ಎಲ್ಲಾ ಭಾಗ ಮತ್ತು ಭಾಗಗಳ ಸ್ವತ್ತು: ಬಿ.ಬಿ.ಎಂ.ಪಿ ಖಾತಾ ಸಂಖ್ಯೆ, ಸರ್ವೆ ನಂ. 196 ರಲ್ಲಿನ ಹಳೆ ನಂ. 55, ಹೊಸ ನಂ. 55-644-196, ಬೆಂಗಳೂರು ದಕ್ಷಿಣ ತಾಲ್ಲೂಕು, ಉತ್ತರಹಳ್ಳಿ ಹೋಬಳಿ. ಪೂರ್ವಕ್ಕೆ: ರಸ್ತೆ, ಪಶ್ಚಿಮಕ್ಕೆ: ಖಾಸಗಿ ಸ್ವತ್ತು, ಉತ್ತರಕ್ಕೆ: ರಸ್ತೆ, ದಕ್ಷಿಣಕ್ಕೆ: ಖಾಸಗಿ ಸ್ವತ್ತು.
B.DIS/ALN/SR/03/87-88
ಎಲ್ಲಾ ಭಾಗ ಮತ್ತು ಭಾಗಗಳ ಸ್ವತ್ತು: ಬಿ.ಬಿ.ಎಂ.ಪಿ ಖಾತಾ ಸಂಖ್ಯೆ, ಸರ್ವೆ ನಂ. 196 ರಲ್ಲಿನ ಹಳೆ ನಂ. 55, ಹೊಸ ನಂ. 55-644-196, ಬೆಂಗಳೂರು ದಕ್ಷಿಣ ತಾಲ್ಲೂಕು, ಉತ್ತರಹಳ್ಳಿ ಹೋಬಳಿ. ಪೂರ್ವಕ್ಕೆ: ರಸ್ತೆ, ಪಶ್ಚಿಮಕ್ಕೆ: ಖಾಸಗಿ ಸ್ವತ್ತು, ಉತ್ತರಕ್ಕೆ: ರಸ್ತೆ, ದಕ್ಷಿಣಕ್ಕೆ: ಖಾಸಗಿ ಸ್ವತ್ತು.
3. ಸಾಲಗಾರರು/ಜಾಮೀನುದಾರರು: ಶ್ರೀ ಎಸ್. ಶಿವಕುಮಾರ್, ನಂ. 16, 3ನೇ ಮುಖ್ಯರಸ್ತೆ, ಬೆಂಗಳೂರು-560050
ಡಿಮ್ಯಾಂಡ್ ನೋಟಿಸ್ ದಿನಾಂಕ: 21.07.2025	ಸ್ವಾಧೀನ ದಿನಾಂಕ: 29.11.2025
ಬಾಕಿ ಮೊತ್ತ: ರೂ. 73,82,000/- ದಿನಾಂಕ 28.11.2025 ರಂತೆ
ಎಲ್ಲಾ ಭಾಗ ಮತ್ತು ಭಾಗಗಳ ಸ್ವತ್ತು: ಬಿ.ಬಿ.ಎಂ.ಪಿ ಖಾತಾ ಸಂಖ್ಯೆ, ಸರ್ವೆ ನಂ. 196 ರಲ್ಲಿನ ಹಳೆ ನಂ. 55, ಹೊಸ ನಂ. 55-644-196, ಬೆಂಗಳೂರು ದಕ್ಷಿಣ ತಾಲ್ಲೂಕು, ಉತ್ತರಹಳ್ಳಿ ಹೋಬಳಿ. ಪೂರ್ವಕ್ಕೆ: ರಸ್ತೆ, ಪಶ್ಚಿಮಕ್ಕೆ: ಖಾಸಗಿ ಸ್ವತ್ತು, ಉತ್ತರಕ್ಕೆ: ರಸ್ತೆ, ದಕ್ಷಿಣಕ್ಕೆ: ಖಾಸಗಿ ಸ್ವತ್ತು.
B.DIS/ALN/SR/03/87-88
ಎಲ್ಲಾ ಭಾಗ ಮತ್ತು ಭಾಗಗಳ ಸ್ವತ್ತು: ಬಿ.ಬಿ.ಎಂ.ಪಿ ಖಾತಾ ಸಂಖ್ಯೆ, ಸರ್ವೆ ನಂ. 196 ರಲ್ಲಿನ ಹಳೆ ನಂ. 55, ಹೊಸ ನಂ. 55-644-196, ಬೆಂಗಳೂರು ದಕ್ಷಿಣ ತಾಲ್ಲೂಕು, ಉತ್ತರಹಳ್ಳಿ ಹೋಬಳಿ. ಪೂರ್ವಕ್ಕೆ: ರಸ್ತೆ, ಪಶ್ಚಿಮಕ್ಕೆ: ಖಾಸಗಿ ಸ್ವತ್ತು, ಉತ್ತರಕ್ಕೆ: ರಸ್ತೆ, ದಕ್ಷಿಣಕ್ಕೆ: ಖಾಸಗಿ ಸ್ವತ್ತು.
4. ಸಾಲಗಾರರು/ಜಾಮೀನುದಾರರು: ಶ್ರೀ ಗುರುರಾಜ್, ನಂ. 10, 17ನೇ ಕ್ರಾಸ್, ಜೆ.ಪಿ ನಗರ, ಬೆಂಗಳೂರು-560078
ಡಿಮ್ಯಾಂಡ್ ನೋಟಿಸ್ ದಿನಾಂಕ: 21.07.2025	ಸ್ವಾಧೀನ ದಿನಾಂಕ: 29.11.2025
ಬಾಕಿ ಮೊತ್ತ: ರೂ. 72,85,000/- ದಿನಾಂಕ 28.11.2025 ರಂತೆ
ಎಲ್ಲಾ ಭಾಗ ಮತ್ತು ಭಾಗಗಳ ಸ್ವತ್ತು: ಬಿ.ಬಿ.ಎಂ.ಪಿ ಖಾತಾ ಸಂಖ್ಯೆ, ಸರ್ವೆ ನಂ. 196 ರಲ್ಲಿನ ಹಳೆ ನಂ. 55, ಹೊಸ ನಂ. 55-644-196, ಬೆಂಗಳೂರು ದಕ್ಷಿಣ ತಾಲ್ಲೂಕು, ಉತ್ತರಹಳ್ಳಿ ಹೋಬಳಿ. ಪೂರ್ವಕ್ಕೆ: ರಸ್ತೆ, ಪಶ್ಚಿಮಕ್ಕೆ: ಖಾಸಗಿ ಸ್ವತ್ತು, ಉತ್ತರಕ್ಕೆ: ರಸ್ತೆ, ದಕ್ಷಿಣಕ್ಕೆ: ಖಾಸಗಿ ಸ್ವತ್ತು.
B.DIS/ALN/SR/03/87-88
ಎಲ್ಲಾ ಭಾಗ ಮತ್ತು ಭಾಗಗಳ ಸ್ವತ್ತು: ಬಿ.ಬಿ.ಎಂ.ಪಿ ಖಾತಾ ಸಂಖ್ಯೆ, ಸರ್ವೆ ನಂ. 196 ರಲ್ಲಿನ ಹಳೆ ನಂ. 55, ಹೊಸ ನಂ. 55-644-196, ಬೆಂಗಳೂರು ದಕ್ಷಿಣ ತಾಲ್ಲೂಕು, ಉತ್ತರಹಳ್ಳಿ ಹೋಬಳಿ. ಪೂರ್ವಕ್ಕೆ: ರಸ್ತೆ, ಪಶ್ಚಿಮಕ್ಕೆ: ಖಾಸಗಿ ಸ್ವತ್ತು, ಉತ್ತರಕ್ಕೆ: ರಸ್ತೆ, ದಕ್ಷಿಣಕ್ಕೆ: ಖಾಸಗಿ ಸ್ವತ್ತು.
5. ಸಾಲಗಾರರು/ಜಾಮೀನುದಾರರು: ಶ್ರೀ ಮಹೇಶ್ ಬಾಬು, ನಂ. 201, 3ನೇ ಬ್ಲಾಕ್, ಬೆಂಗಳೂರು-560050
ಡಿಮ್ಯಾಂಡ್ ನೋಟಿಸ್ ದಿನಾಂಕ: 19.07.2025	ಸ್ವಾಧೀನ ದಿನಾಂಕ: 29.11.2025
ಬಾಕಿ ಮೊತ್ತ: ರೂ. 70,72,000/- ದಿನಾಂಕ 28.11.2025 ರಂತೆ
ಎಲ್ಲಾ ಭಾಗ ಮತ್ತು ಭಾಗಗಳ ಸ್ವತ್ತು: ಬಿ.ಬಿ.ಎಂ.ಪಿ ಖಾತಾ ಸಂಖ್ಯೆ, ಸರ್ವೆ ನಂ. 196 ರಲ್ಲಿನ ಹಳೆ ನಂ. 55, ಹೊಸ ನಂ. 55-644-196, ಬೆಂಗಳೂರು ದಕ್ಷಿಣ ತಾಲ್ಲೂಕು, ಉತ್ತರಹಳ್ಳಿ ಹೋಬಳಿ. ಪೂರ್ವಕ್ಕೆ: ರಸ್ತೆ, ಪಶ್ಚಿಮಕ್ಕೆ: ಖಾಸಗಿ ಸ್ವತ್ತು, ಉತ್ತರಕ್ಕೆ: ರಸ್ತೆ, ದಕ್ಷಿಣಕ್ಕೆ: ಖಾಸಗಿ ಸ್ವತ್ತು.
B.DIS/ALN/SR/03/87-88
ಎಲ್ಲಾ ಭಾಗ ಮತ್ತು ಭಾಗಗಳ ಸ್ವತ್ತು: ಬಿ.ಬಿ.ಎಂ.ಪಿ ಖಾತಾ ಸಂಖ್ಯೆ, ಸರ್ವೆ ನಂ. 196 ರಲ್ಲಿನ ಹಳೆ ನಂ. 55, ಹೊಸ ನಂ. 55-644-196, ಬೆಂಗಳೂರು ದಕ್ಷಿಣ ತಾಲ್ಲೂಕು, ಉತ್ತರಹಳ್ಳಿ ಹೋಬಳಿ. ಪೂರ್ವಕ್ಕೆ: ರಸ್ತೆ, ಪಶ್ಚಿಮಕ್ಕೆ: ಖಾಸಗಿ ಸ್ವತ್ತು, ಉತ್ತರಕ್ಕೆ: ರಸ್ತೆ, ದಕ್ಷಿಣಕ್ಕೆ: ಖಾಸಗಿ ಸ್ವತ್ತು.
6. ಸಾಲಗಾರರು/ಜಾಮೀನುದಾರರು: ಶ್ರೀ ಜಾಗ್ ಜೀವನ್, ನಂ. 33/66, 6ನೇ ಕ್ರಾಸ್, ಬೆಂಗಳೂರು-560070
ಡಿಮ್ಯಾಂಡ್ ನೋಟಿಸ್ ದಿನಾಂಕ: 22.07.2025	ಸ್ವಾಧೀನ ದಿನಾಂಕ: 29.11.2025
ಬಾಕಿ ಮೊತ್ತ: ರೂ. 45,98,000/- ದಿನಾಂಕ 28.11.2025 ರಂತೆ
ಎಲ್ಲಾ ಭಾಗ ಮತ್ತು ಭಾಗಗಳ ಸ್ವತ್ತು: ಬಿ.ಬಿ.ಎಂ.ಪಿ ಖಾತಾ ಸಂಖ್ಯೆ, ಸರ್ವೆ ನಂ. 196 ರಲ್ಲಿನ ಹಳೆ ನಂ. 55, ಹೊಸ ನಂ. 55-644-196, ಬೆಂಗಳೂರು ದಕ್ಷಿಣ ತಾಲ್ಲೂಕು, ಉತ್ತರಹಳ್ಳಿ ಹೋಬಳಿ. ಪೂರ್ವಕ್ಕೆ: ರಸ್ತೆ, ಪಶ್ಚಿಮಕ್ಕೆ: ಖಾಸಗಿ ಸ್ವತ್ತು, ಉತ್ತರಕ್ಕೆ: ರಸ್ತೆ, ದಕ್ಷಿಣಕ್ಕೆ: ಖಾಸಗಿ ಸ್ವತ್ತು.
B.DIS/ALN/SR/03/87-88
ಎಲ್ಲಾ ಭಾಗ ಮತ್ತು ಭಾಗಗಳ ಸ್ವತ್ತು: ಬಿ.ಬಿ.ಎಂ.ಪಿ ಖಾತಾ ಸಂಖ್ಯೆ, ಸರ್ವೆ ನಂ. 196 ರಲ್ಲಿನ ಹಳೆ ನಂ. 55, ಹೊಸ ನಂ. 55-644-196, ಬೆಂಗಳೂರು ದಕ್ಷಿಣ ತಾಲ್ಲೂಕು, ಉತ್ತರಹಳ್ಳಿ ಹೋಬಳಿ. ಪೂರ್ವಕ್ಕೆ: ರಸ್ತೆ, ಪಶ್ಚಿಮಕ್ಕೆ: ಖಾಸಗಿ ಸ್ವತ್ತು, ಉತ್ತರಕ್ಕೆ: ರಸ್ತೆ, ದಕ್ಷಿಣಕ್ಕೆ: ಖಾಸಗಿ ಸ್ವತ್ತು.
7. ಸಾಲಗಾರರು/ಜಾಮೀನುದಾರರು: ಶ್ರೀ ಕೆ. ಕೃಷ್ಣಪ್ಪ, ನಂ. 55, ಬನಶಂಕರಿ, ಬೆಂಗಳೂರು-560050
ಡಿಮ್ಯಾಂಡ್ ನೋಟಿಸ್ ದಿನಾಂಕ: 19.07.2025	ಸ್ವಾಧೀನ ದಿನಾಂಕ: 29.11.2025
ಬಾಕಿ ಮೊತ್ತ: ರೂ. 82,23,000/- ದಿನಾಂಕ 28.11.2025 ರಂತೆ
ಎಲ್ಲಾ ಭಾಗ ಮತ್ತು ಭಾಗಗಳ ಸ್ವತ್ತು: ಬಿ.ಬಿ.ಎಂ.ಪಿ ಖಾತಾ ಸಂಖ್ಯೆ, ಸರ್ವೆ ನಂ. 196 ರಲ್ಲಿನ ಹಳೆ ನಂ. 55, ಹೊಸ ನಂ. 55-644-196, ಬೆಂಗಳೂರು ದಕ್ಷಿಣ ತಾಲ್ಲೂಕು, ಉತ್ತರಹಳ್ಳಿ ಹೋಬಳಿ. ಪೂರ್ವಕ್ಕೆ: ರಸ್ತೆ, ಪಶ್ಚಿಮಕ್ಕೆ: ಖಾಸಗಿ ಸ್ವತ್ತು, ಉತ್ತರಕ್ಕೆ: ರಸ್ತೆ, ದಕ್ಷಿಣಕ್ಕೆ: ಖಾಸಗಿ ಸ್ವತ್ತು.
B.DIS/ALN/SR/03/87-88
ಎಲ್ಲಾ ಭಾಗ ಮತ್ತು ಭಾಗಗಳ ಸ್ವತ್ತು: ಬಿ.ಬಿ.ಎಂ.ಪಿ ಖಾತಾ ಸಂಖ್ಯೆ, ಸರ್ವೆ ನಂ. 196 ರಲ್ಲಿನ ಹಳೆ ನಂ. 55, ಹೊಸ ನಂ. 55-644-196, ಬೆಂಗಳೂರು ದಕ್ಷಿಣ ತಾಲ್ಲೂಕು, ಉತ್ತರಹಳ್ಳಿ ಹೋಬಳಿ. ಪೂರ್ವಕ್ಕೆ: ರಸ್ತೆ, ಪಶ್ಚಿಮಕ್ಕೆ: ಖಾಸಗಿ ಸ್ವತ್ತು, ಉತ್ತರಕ್ಕೆ: ರಸ್ತೆ, ದಕ್ಷಿಣಕ್ಕೆ: ಖಾಸಗಿ ಸ್ವತ್ತು.
8. ಸಾಲಗಾರರು/ಜಾಮೀನುದಾರರು: ಶ್ರೀಮತಿ ಪ್ರಭಾವತಿ, ನಂ. 17/1, ಕೆ.ಆರ್ ರಸ್ತೆ, ಬೆಂಗಳೂರು-560078
ಡಿಮ್ಯಾಂಡ್ ನೋಟಿಸ್ ದಿನಾಂಕ: 01.08.2025	ಸ್ವಾಧೀನ ದಿನಾಂಕ: 03.12.2025
ಬಾಕಿ ಮೊತ್ತ: ರೂ. 19,80,000/- ದಿನಾಂಕ 02.12.2025 ರಂತೆ
ಎಲ್ಲಾ ಭಾಗ ಮತ್ತು ಭಾಗಗಳ ಸ್ವತ್ತು: ಬಿ.ಬಿ.ಎಂ.ಪಿ ಖಾತಾ ಸಂಖ್ಯೆ, ಸರ್ವೆ ನಂ. 196 ರಲ್ಲಿನ ಹಳೆ ನಂ. 55, ಹೊಸ ನಂ. 55-644-196, ಬೆಂಗಳೂರು ದಕ್ಷಿಣ ತಾಲ್ಲೂಕು, ಉತ್ತರಹಳ್ಳಿ ಹೋಬಳಿ. ಪೂರ್ವಕ್ಕೆ: ರಸ್ತೆ, ಪಶ್ಚಿಮಕ್ಕೆ: ಖಾಸಗಿ ಸ್ವತ್ತು, ಉತ್ತರಕ್ಕೆ: ರಸ್ತೆ, ದಕ್ಷಿಣಕ್ಕೆ: ಖಾಸಗಿ ಸ್ವತ್ತು.
B.DIS/ALN/SR/03/87-88
ಎಲ್ಲಾ ಭಾಗ ಮತ್ತು ಭಾಗಗಳ ಸ್ವತ್ತು: ಬಿ.ಬಿ.ಎಂ.ಪಿ ಖಾತಾ ಸಂಖ್ಯೆ, ಸರ್ವೆ ನಂ. 196 ರಲ್ಲಿನ ಹಳೆ ನಂ. 55, ಹೊಸ ನಂ. 55-644-196, ಬೆಂಗಳೂರು ದಕ್ಷಿಣ ತಾಲ್ಲೂಕು, ಉತ್ತರಹಳ್ಳಿ ಹೋಬಳಿ. ಪೂರ್ವಕ್ಕೆ: ರಸ್ತೆ, ಪಶ್ಚಿಮಕ್ಕೆ: ಖಾಸಗಿ ಸ್ವತ್ತು, ಉತ್ತರಕ್ಕೆ: ರಸ್ತೆ, ದಕ್ಷಿಣಕ್ಕೆ: ಖಾಸಗಿ ಸ್ವತ್ತು.
9. ಸಾಲಗಾರರು/ಜಾಮೀನುದಾರರು: ಶ್ರೀ ಶ್ರೀನಿವಾಸ್, ನಂ. 173, 9ನೇ ಮುಖ್ಯ, ಬೆಂಗಳೂರು-560043
ಡಿಮ್ಯಾಂಡ್ ನೋಟಿಸ್ ದಿನಾಂಕ: 21.07.2025	ಸ್ವಾಧೀನ ದಿನಾಂಕ: 29.11.2025
ಬಾಕಿ ಮೊತ್ತ: ರೂ. 91,38,000/- ದಿನಾಂಕ 28.11.2025 ರಂತೆ
ಎಲ್ಲಾ ಭಾಗ ಮತ್ತು ಭಾಗಗಳ ಸ್ವತ್ತು: ಬಿ.ಬಿ.ಎಂ.ಪಿ ಖಾತಾ ಸಂಖ್ಯೆ, ಸರ್ವೆ ನಂ. 196 ರಲ್ಲಿನ ಹಳೆ ನಂ. 55, ಹೊಸ ನಂ. 55-644-196, ಬೆಂಗಳೂರು ದಕ್ಷಿಣ ತಾಲ್ಲೂಕು, ಉತ್ತರಹಳ್ಳಿ ಹೋಬಳಿ. ಪೂರ್ವಕ್ಕೆ: ರಸ್ತೆ, ಪಶ್ಚಿಮಕ್ಕೆ: ಖಾಸಗಿ ಸ್ವತ್ತು, ಉತ್ತರಕ್ಕೆ: ರಸ್ತೆ, ದಕ್ಷಿಣಕ್ಕೆ: ಖಾಸಗಿ ಸ್ವತ್ತು.
B.DIS/ALN/SR/03/87-88
ಎಲ್ಲಾ ಭಾಗ ಮತ್ತು ಭಾಗಗಳ ಸ್ವತ್ತು: ಬಿ.ಬಿ.ಎಂ.ಪಿ ಖಾತಾ ಸಂಖ್ಯೆ, ಸರ್ವೆ ನಂ. 196 ರಲ್ಲಿನ ಹಳೆ ನಂ. 55, ಹೊಸ ನಂ. 55-644-196, ಬೆಂಗಳೂರು ದಕ್ಷಿಣ ತಾಲ್ಲೂಕು, ಉತ್ತರಹಳ್ಳಿ ಹೋಬಳಿ. ಪೂರ್ವಕ್ಕೆ: ರಸ್ತೆ, ಪಶ್ಚಿಮಕ್ಕೆ: ಖಾಸಗಿ ಸ್ವತ್ತು, ಉತ್ತರಕ್ಕೆ: ರಸ್ತೆ, ದಕ್ಷಿಣಕ್ಕೆ: ಖಾಸಗಿ ಸ್ವತ್ತು.
10. ಸಾಲಗಾರರು/ಜಾಮೀನುದಾರರು: ಶ್ರೀ ಕುಮಾರ್, ನಂ. 23/4, 2ನೇ ಕ್ರಾಸ್, ಬೆಂಗಳೂರು-560025
ಡಿಮ್ಯಾಂಡ್ ನೋಟಿಸ್ ದಿನಾಂಕ: 22.07.2025	ಸ್ವಾಧೀನ ದಿನಾಂಕ: 29.11.2025
ಬಾಕಿ ಮೊತ್ತ: ರೂ. 86,62,000/- ದಿನಾಂಕ 28.11.2025 ರಂತೆ
ಎಲ್ಲಾ ಭಾಗ ಮತ್ತು ಭಾಗಗಳ ಸ್ವತ್ತು: ಬಿ.ಬಿ.ಎಂ.ಪಿ ಖಾತಾ ಸಂಖ್ಯೆ, ಸರ್ವೆ ನಂ. 196 ರಲ್ಲಿನ ಹಳೆ ನಂ. 55, ಹೊಸ ನಂ. 55-644-196, ಬೆಂಗಳೂರು ದಕ್ಷಿಣ ತಾಲ್ಲೂಕು, ಉತ್ತರಹಳ್ಳಿ ಹೋಬಳಿ. ಪೂರ್ವಕ್ಕೆ: ರಸ್ತೆ, ಪಶ್ಚಿಮಕ್ಕೆ: ಖಾಸಗಿ ಸ್ವತ್ತು, ಉತ್ತರಕ್ಕೆ: ರಸ್ತೆ, ದಕ್ಷಿಣಕ್ಕೆ: ಖಾಸಗಿ ಸ್ವತ್ತು.
B.DIS/ALN/SR/03/87-88
ಎಲ್ಲಾ ಭಾಗ ಮತ್ತು ಭಾಗಗಳ ಸ್ವತ್ತು: ಬಿ.ಬಿ.ಎಂ.ಪಿ ಖಾತಾ ಸಂಖ್ಯೆ, ಸರ್ವೆ ನಂ. 196 ರಲ್ಲಿನ ಹಳೆ ನಂ. 55, ಹೊಸ ನಂ. 55-644-196, ಬೆಂಗಳೂರು ದಕ್ಷಿಣ ತಾಲ್ಲೂಕು, ಉತ್ತರಹಳ್ಳಿ ಹೋಬಳಿ. ಪೂರ್ವಕ್ಕೆ: ರಸ್ತೆ, ಪಶ್ಚಿಮಕ್ಕೆ: ಖಾಸಗಿ ಸ್ವತ್ತು, ಉತ್ತರಕ್ಕೆ: ರಸ್ತೆ, ದಕ್ಷಿಣಕ್ಕೆ: ಖಾಸಗಿ ಸ್ವತ್ತು.
11. ಸಾಲಗಾರರು/ಜಾಮೀನುದಾರರು: ಶ್ರೀ ಮಹೇಶ್ ಚಂದ್ರ, ನಂ. 102, 4ನೇ ಹಂತ, ಬೆಂಗಳೂರು-560050
ಡಿಮ್ಯಾಂಡ್ ನೋಟಿಸ್ ದಿನಾಂಕ: 19.07.2025	ಸ್ವಾಧೀನ ದಿನಾಂಕ: 29.11.2025
ಬಾಕಿ ಮೊತ್ತ: ರೂ. 67,10,000/- ದಿನಾಂಕ 28.11.2025 ರಂತೆ
ಎಲ್ಲಾ ಭಾಗ ಮತ್ತು ಭಾಗಗಳ ಸ್ವತ್ತು: ಬಿ.ಬಿ.ಎಂ.ಪಿ ಖಾತಾ ಸಂಖ್ಯೆ, ಸರ್ವೆ ನಂ. 196 ರಲ್ಲಿನ ಹಳೆ ನಂ. 55, ಹೊಸ ನಂ. 55-644-196, ಬೆಂಗಳೂರು ದಕ್ಷಿಣ ತಾಲ್ಲೂಕು, ಉತ್ತರಹಳ್ಳಿ ಹೋಬಳಿ. ಪೂರ್ವಕ್ಕೆ: ರಸ್ತೆ, ಪಶ್ಚಿಮಕ್ಕೆ: ಖಾಸಗಿ ಸ್ವತ್ತು, ಉತ್ತರಕ್ಕೆ: ರಸ್ತೆ, ದಕ್ಷಿಣಕ್ಕೆ: ಖಾಸಗಿ ಸ್ವತ್ತು.
B.DIS/ALN/SR/03/87-88
ಎಲ್ಲಾ ಭಾಗ ಮತ್ತು ಭಾಗಗಳ ಸ್ವತ್ತು: ಬಿ.ಬಿ.ಎಂ.ಪಿ ಖಾತಾ ಸಂಖ್ಯೆ, ಸರ್ವೆ ನಂ. 196 ರಲ್ಲಿನ ಹಳೆ ನಂ. 55, ಹೊಸ ನಂ. 55-644-196, ಬೆಂಗಳೂರು ದಕ್ಷಿಣ ತಾಲ್ಲೂಕು, ಉತ್ತರಹಳ್ಳಿ ಹೋಬಳಿ. ಪೂರ್ವಕ್ಕೆ: ರಸ್ತೆ, ಪಶ್ಚಿಮಕ್ಕೆ: ಖಾಸಗಿ ಸ್ವತ್ತು, ಉತ್ತರಕ್ಕೆ: ರಸ್ತೆ, ದಕ್ಷಿಣಕ್ಕೆ: ಖಾಸಗಿ ಸ್ವತ್ತು.
12. ಸಾಲಗಾರರು/ಜಾಮೀನುದಾರರು: ಶ್ರೀ ವಿಷ್ಣುಪ್ರಸಾದ್, ನಂ. 2682/22, ಬೆಂಗಳೂರು-560070
ಡಿಮ್ಯಾಂಡ್ ನೋಟಿಸ್ ದಿನಾಂಕ: 22.07.2025	ಸ್ವಾಧೀನ ದಿನಾಂಕ: 29.11.2025
ಬಾಕಿ ಮೊತ್ತ: ರೂ. 47,32,000/- ದಿನಾಂಕ 28.11.2025 ರಂತೆ
ಎಲ್ಲಾ ಭಾಗ ಮತ್ತು ಭಾಗಗಳ ಸ್ವತ್ತು: ಬಿ.ಬಿ.ಎಂ.ಪಿ ಖಾತಾ ಸಂಖ್ಯೆ, ಸರ್ವೆ ನಂ. 196 ರಲ್ಲಿನ ಹಳೆ ನಂ. 55, ಹೊಸ ನಂ. 55-644-196, ಬೆಂಗಳೂರು ದಕ್ಷಿಣ ತಾಲ್ಲೂಕು, ಉತ್ತರಹಳ್ಳಿ ಹೋಬಳಿ. ಪೂರ್ವಕ್ಕೆ: ರಸ್ತೆ, ಪಶ್ಚಿಮಕ್ಕೆ: ಖಾಸಗಿ ಸ್ವತ್ತು, ಉತ್ತರಕ್ಕೆ: ರಸ್ತೆ, ದಕ್ಷಿಣಕ್ಕೆ: ಖಾಸಗಿ ಸ್ವತ್ತು.
B.DIS/ALN/SR/03/87-88
ಎಲ್ಲಾ ಭಾಗ ಮತ್ತು ಭಾಗಗಳ ಸ್ವತ್ತು: ಬಿ.ಬಿ.ಎಂ.ಪಿ ಖಾತಾ ಸಂಖ್ಯೆ, ಸರ್ವೆ ನಂ. 196 ರಲ್ಲಿನ ಹಳೆ ನಂ. 55, ಹೊಸ ನಂ. 55-644-196, ಬೆಂಗಳೂರು ದಕ್ಷಿಣ ತಾಲ್ಲೂಕು, ಉತ್ತರಹಳ್ಳಿ ಹೋಬಳಿ. ಪೂರ್ವಕ್ಕೆ: ರಸ್ತೆ, ಪಶ್ಚಿಮಕ್ಕೆ: ಖಾಸಗಿ ಸ್ವತ್ತು, ಉತ್ತರಕ್ಕೆ: ರಸ್ತೆ, ದಕ್ಷಿಣಕ್ಕೆ: ಖಾಸಗಿ ಸ್ವತ್ತು.
ದಿನಾಂಕ: 03.12.2025
ಸ್ಥಳ: ಬೆಂಗಳೂರು
ಸಹಿ/- ಅಧಿಕೃತ ಅಧಿಕಾರಿ
ಸ್ವರ್ಣಭಾರತಿ ಸಹಕಾರ ಬ್ಯಾಂಕ್ ನಿ.
ಹೊಸದಿಗಂತ
